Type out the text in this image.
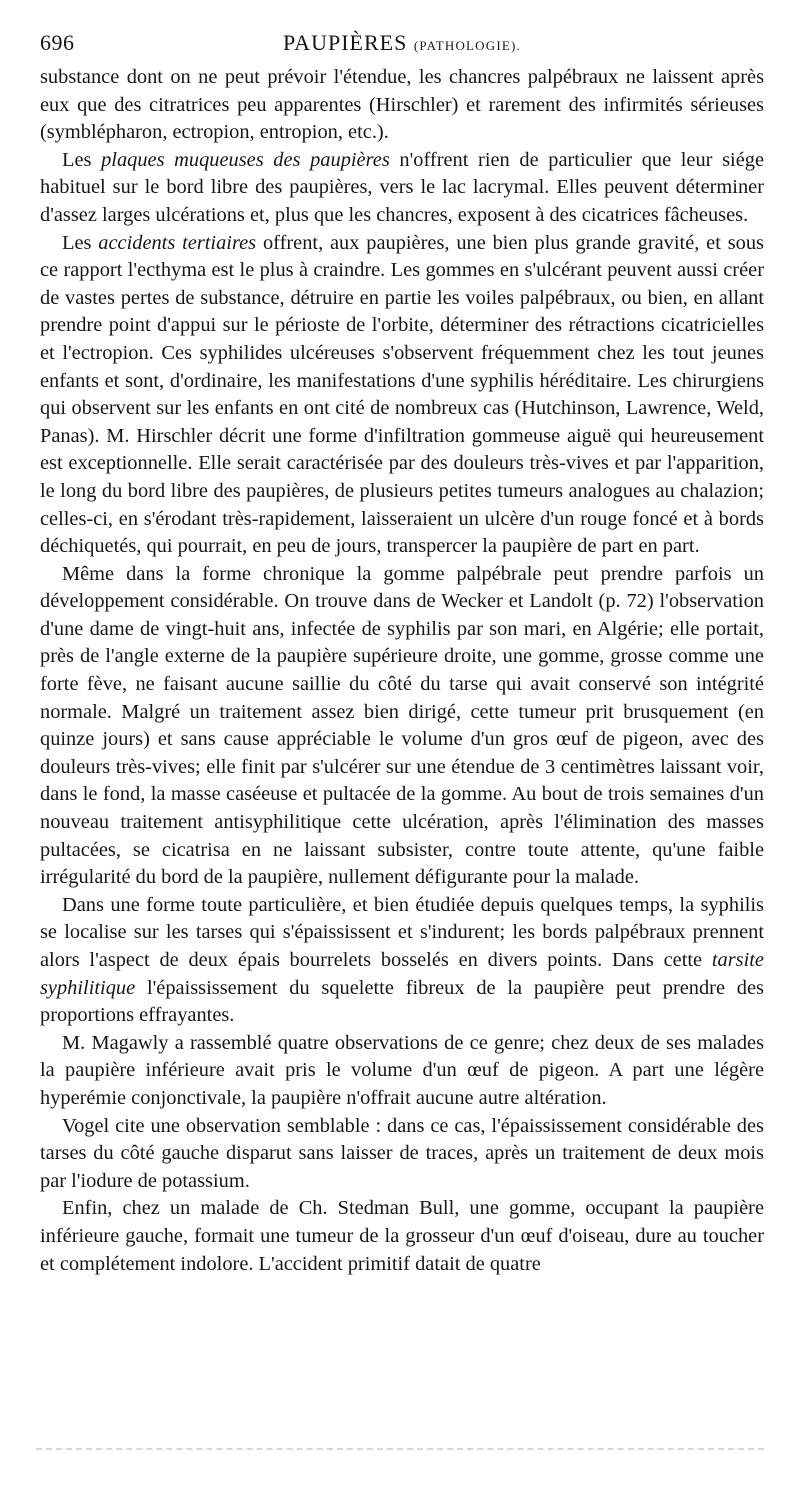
696	PAUPIÈRES (PATHOLOGIE).

substance dont on ne peut prévoir l'étendue, les chancres palpébraux ne laissent après eux que des citratrices peu apparentes (Hirschler) et rarement des infirmités sérieuses (symblépharon, ectropion, entropion, etc.).

Les plaques muqueuses des paupières n'offrent rien de particulier que leur siége habituel sur le bord libre des paupières, vers le lac lacrymal. Elles peuvent déterminer d'assez larges ulcérations et, plus que les chancres, exposent à des cicatrices fâcheuses.

Les accidents tertiaires offrent, aux paupières, une bien plus grande gravité, et sous ce rapport l'ecthyma est le plus à craindre. Les gommes en s'ulcérant peuvent aussi créer de vastes pertes de substance, détruire en partie les voiles palpébraux, ou bien, en allant prendre point d'appui sur le périoste de l'orbite, déterminer des rétractions cicatricielles et l'ectropion. Ces syphilides ulcéreuses s'observent fréquemment chez les tout jeunes enfants et sont, d'ordinaire, les manifestations d'une syphilis héréditaire. Les chirurgiens qui observent sur les enfants en ont cité de nombreux cas (Hutchinson, Lawrence, Weld, Panas). M. Hirschler décrit une forme d'infiltration gommeuse aiguë qui heureusement est exceptionnelle. Elle serait caractérisée par des douleurs très-vives et par l'apparition, le long du bord libre des paupières, de plusieurs petites tumeurs analogues au chalazion; celles-ci, en s'érodant très-rapidement, laisseraient un ulcère d'un rouge foncé et à bords déchiquetés, qui pourrait, en peu de jours, transpercer la paupière de part en part.

Même dans la forme chronique la gomme palpébrale peut prendre parfois un développement considérable. On trouve dans de Wecker et Landolt (p. 72) l'observation d'une dame de vingt-huit ans, infectée de syphilis par son mari, en Algérie; elle portait, près de l'angle externe de la paupière supérieure droite, une gomme, grosse comme une forte fève, ne faisant aucune saillie du côté du tarse qui avait conservé son intégrité normale. Malgré un traitement assez bien dirigé, cette tumeur prit brusquement (en quinze jours) et sans cause appréciable le volume d'un gros œuf de pigeon, avec des douleurs très-vives; elle finit par s'ulcérer sur une étendue de 3 centimètres laissant voir, dans le fond, la masse caséeuse et pultacée de la gomme. Au bout de trois semaines d'un nouveau traitement antisyphilitique cette ulcération, après l'élimination des masses pultacées, se cicatrisa en ne laissant subsister, contre toute attente, qu'une faible irrégularité du bord de la paupière, nullement défigurante pour la malade.

Dans une forme toute particulière, et bien étudiée depuis quelques temps, la syphilis se localise sur les tarses qui s'épaississent et s'indurent; les bords palpébraux prennent alors l'aspect de deux épais bourrelets bosselés en divers points. Dans cette tarsite syphilitique l'épaississement du squelette fibreux de la paupière peut prendre des proportions effrayantes.

M. Magawly a rassemblé quatre observations de ce genre; chez deux de ses malades la paupière inférieure avait pris le volume d'un œuf de pigeon. A part une légère hyperémie conjonctivale, la paupière n'offrait aucune autre altération.

Vogel cite une observation semblable : dans ce cas, l'épaississement considérable des tarses du côté gauche disparut sans laisser de traces, après un traitement de deux mois par l'iodure de potassium.

Enfin, chez un malade de Ch. Stedman Bull, une gomme, occupant la paupière inférieure gauche, formait une tumeur de la grosseur d'un œuf d'oiseau, dure au toucher et complétement indolore. L'accident primitif datait de quatre
